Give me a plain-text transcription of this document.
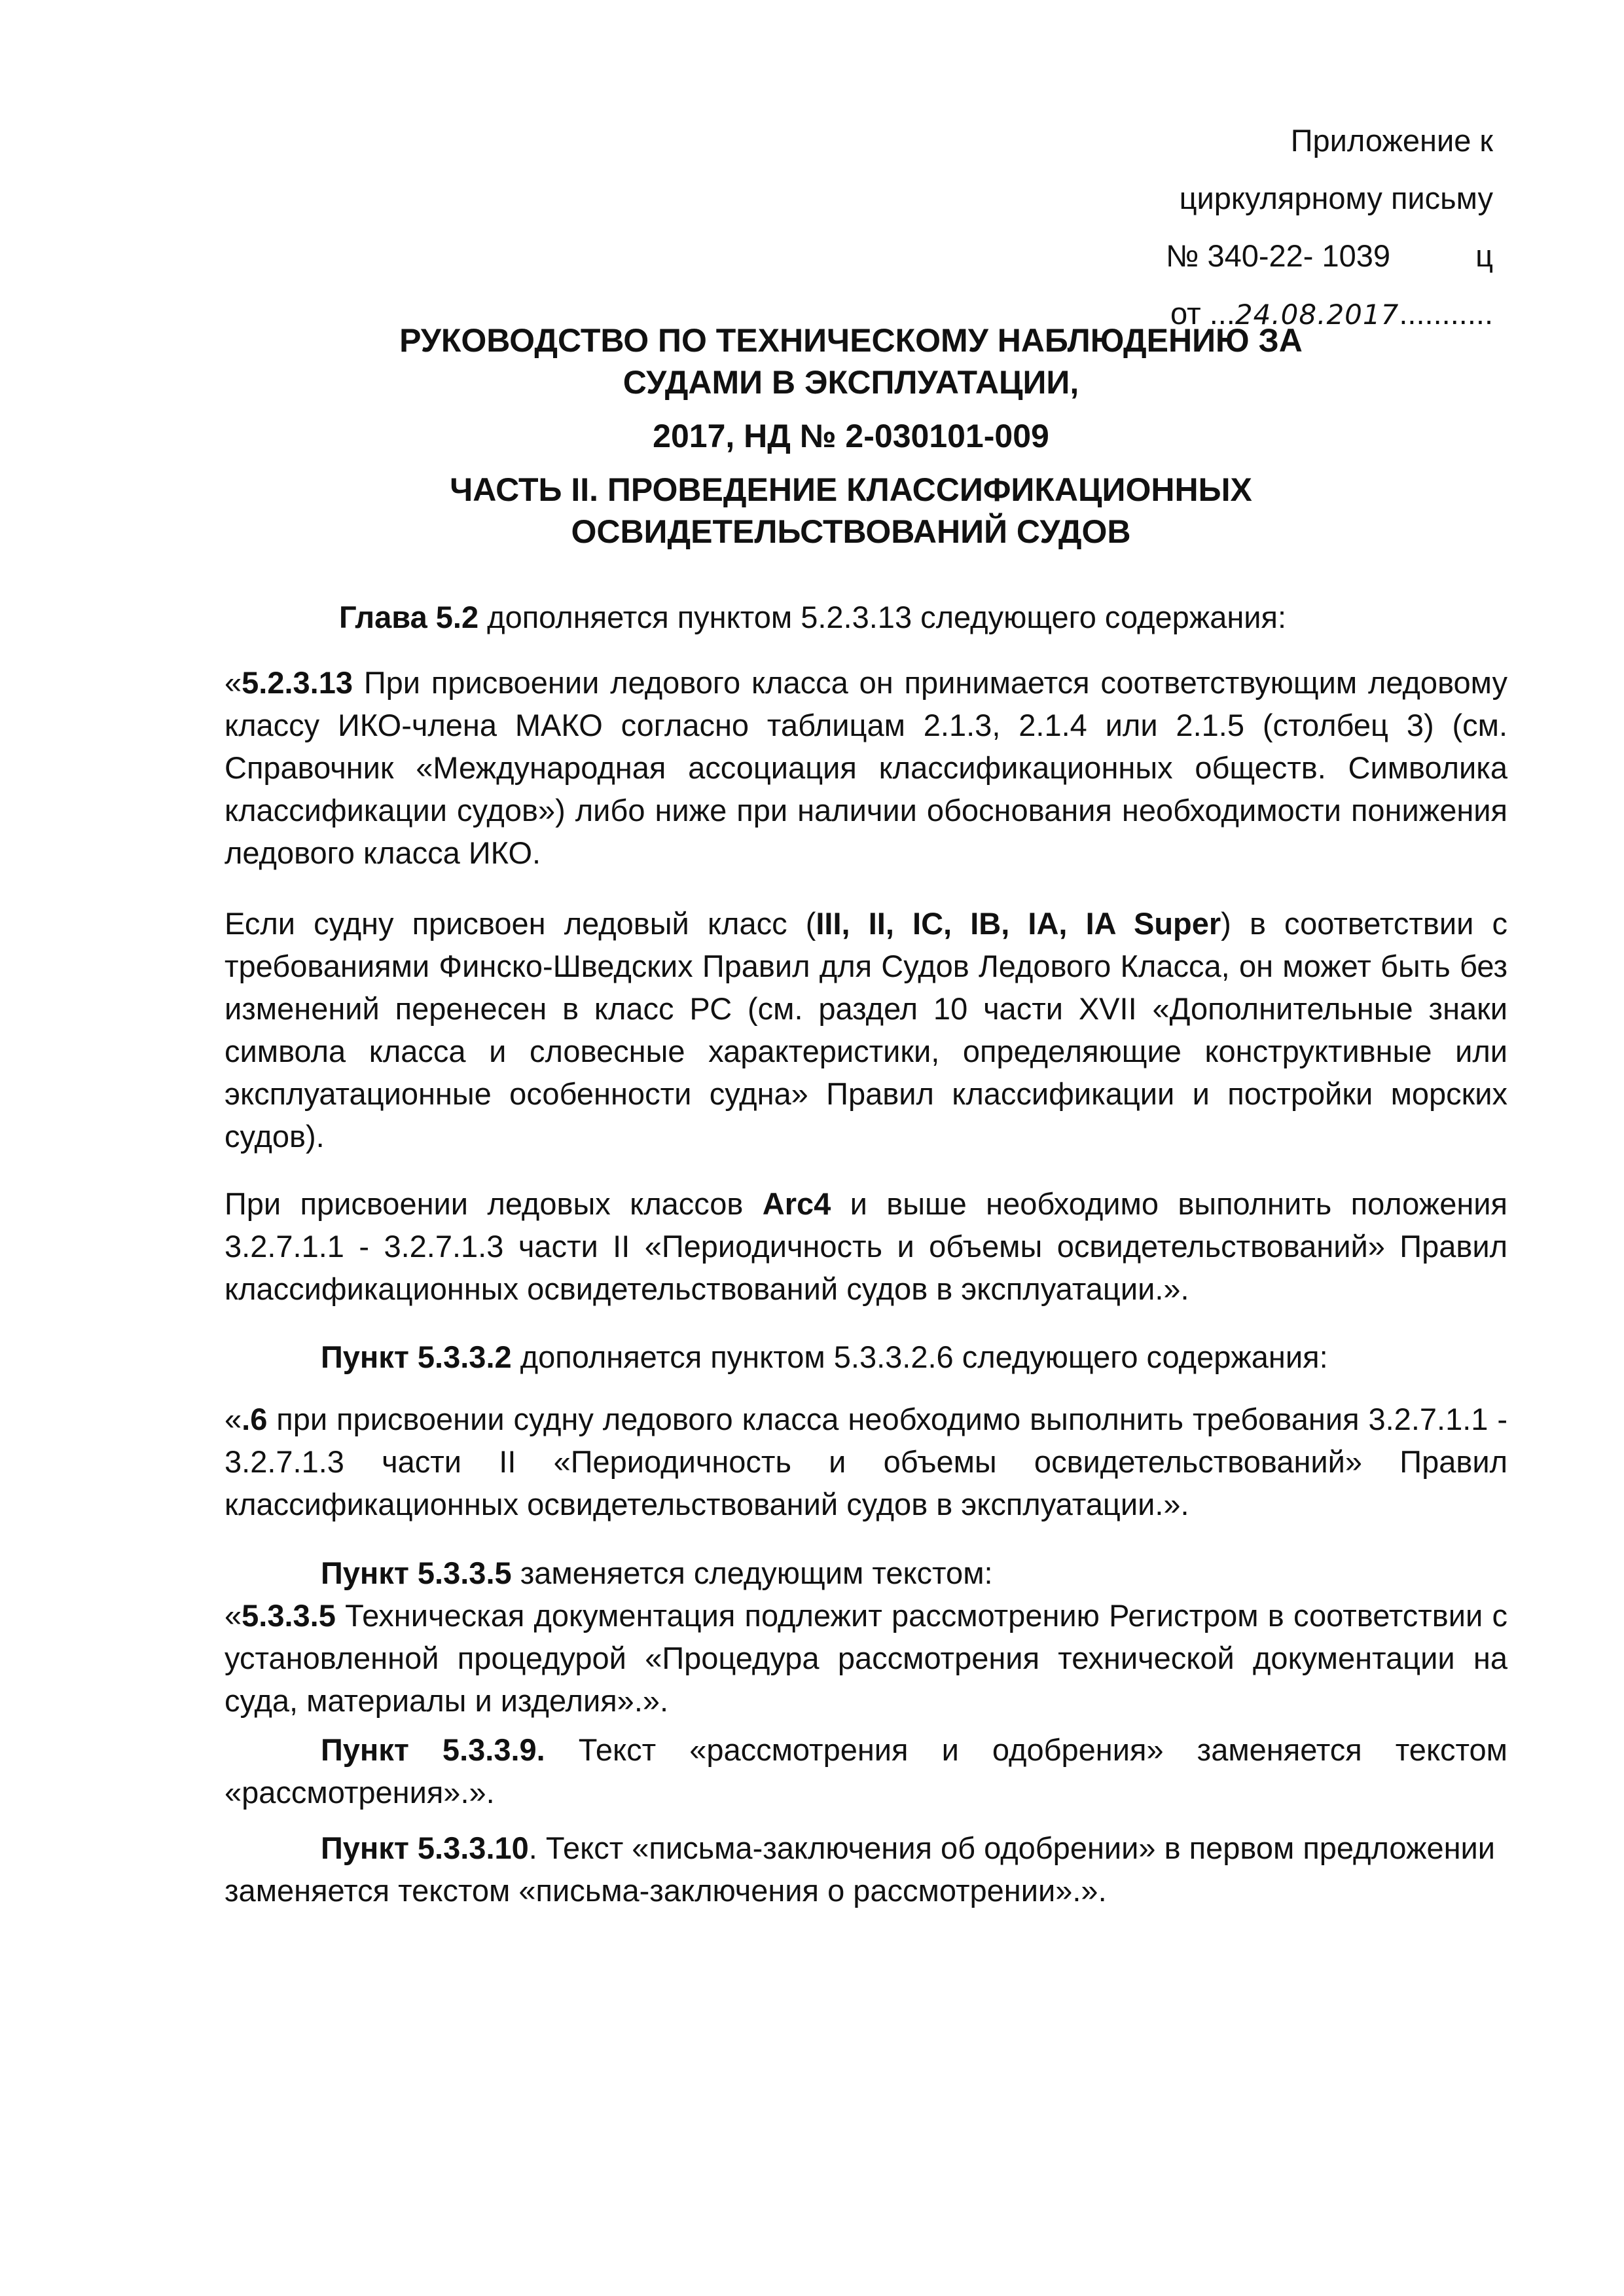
Приложение к
циркулярному письму
№ 340-22- 1039	ц
от ...24.08.2017...........

РУКОВОДСТВО ПО ТЕХНИЧЕСКОМУ НАБЛЮДЕНИЮ ЗА СУДАМИ В ЭКСПЛУАТАЦИИ,

2017, НД № 2-030101-009

ЧАСТЬ II. ПРОВЕДЕНИЕ КЛАССИФИКАЦИОННЫХ ОСВИДЕТЕЛЬСТВОВАНИЙ СУДОВ

Глава 5.2 дополняется пунктом 5.2.3.13 следующего содержания:

«5.2.3.13 При присвоении ледового класса он принимается соответствующим ледовому классу ИКО-члена МАКО согласно таблицам 2.1.3, 2.1.4 или 2.1.5 (столбец 3) (см. Справочник «Международная ассоциация классификационных обществ. Символика классификации судов») либо ниже при наличии обоснования необходимости понижения ледового класса ИКО.

Если судну присвоен ледовый класс (III, II, IC, IB, IA, IA Super) в соответствии с требованиями Финско-Шведских Правил для Судов Ледового Класса, он может быть без изменений перенесен в класс РС (см. раздел 10 части XVII «Дополнительные знаки символа класса и словесные характеристики, определяющие конструктивные или эксплуатационные особенности судна» Правил классификации и постройки морских судов).

При присвоении ледовых классов Arc4 и выше необходимо выполнить положения 3.2.7.1.1 - 3.2.7.1.3 части II «Периодичность и объемы освидетельствований» Правил классификационных освидетельствований судов в эксплуатации.».

Пункт 5.3.3.2 дополняется пунктом 5.3.3.2.6 следующего содержания:

«.6 при присвоении судну ледового класса необходимо выполнить требования 3.2.7.1.1 - 3.2.7.1.3 части II «Периодичность и объемы освидетельствований» Правил классификационных освидетельствований судов в эксплуатации.».

Пункт 5.3.3.5 заменяется следующим текстом:

«5.3.3.5 Техническая документация подлежит рассмотрению Регистром в соответствии с установленной процедурой «Процедура рассмотрения технической документации на суда, материалы и изделия».».

Пункт 5.3.3.9. Текст «рассмотрения и одобрения» заменяется текстом «рассмотрения».».

Пункт 5.3.3.10. Текст «письма-заключения об одобрении» в первом предложении заменяется текстом «письма-заключения о рассмотрении».».
